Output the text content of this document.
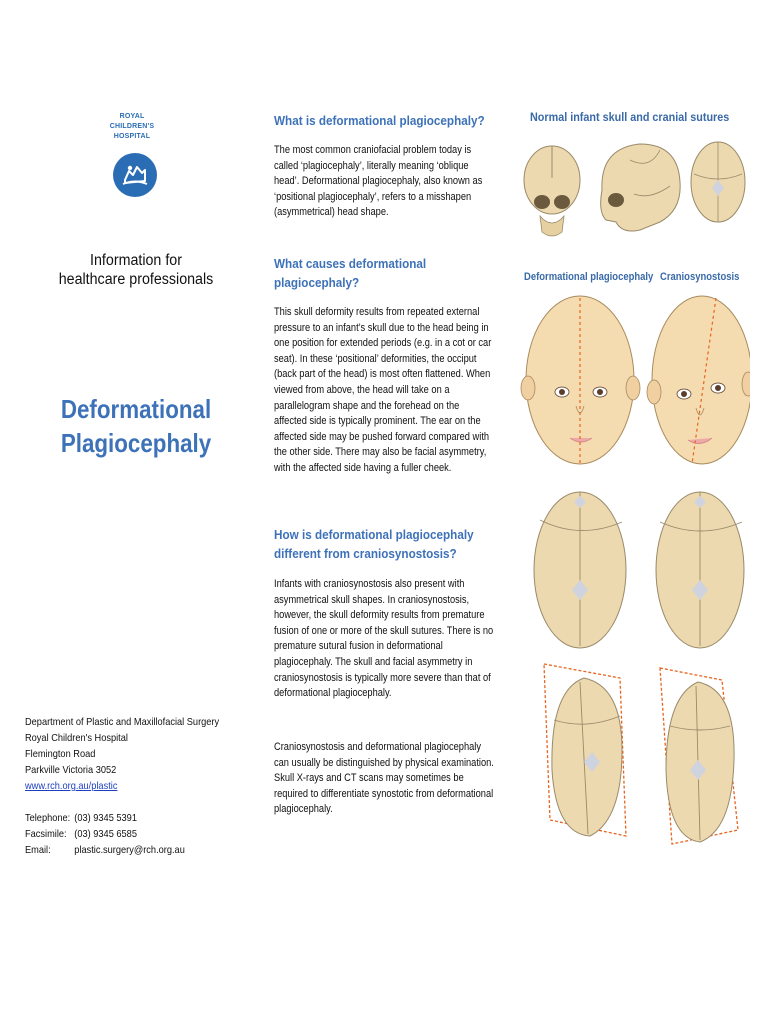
ROYAL
CHILDREN'S
HOSPITAL
Information for
healthcare professionals
Deformational
Plagiocephaly
Department of Plastic and Maxillofacial Surgery
Royal Children's Hospital
Flemington Road
Parkville Victoria 3052
www.rch.org.au/plastic
Telephone: (03) 9345 5391
Facsimile: (03) 9345 6585
Email:	plastic.surgery@rch.org.au
What is deformational plagiocephaly?

The most common craniofacial problem today is called ‘plagiocephaly’, literally meaning ‘oblique head’. Deformational plagiocephaly, also known as ‘positional plagiocephaly’, refers to a misshapen (asymmetrical) head shape.

What causes deformational
plagiocephaly?

This skull deformity results from repeated external pressure to an infant’s skull due to the head being in one position for extended periods (e.g. in a cot or car seat). In these ‘positional’ deformities, the occiput (back part of the head) is most often flattened. When viewed from above, the head will take on a parallelogram shape and the forehead on the affected side is typically prominent. The ear on the affected side may be pushed forward compared with the other side. There may also be facial asymmetry, with the affected side having a fuller cheek.

How is deformational plagiocephaly
different from craniosynostosis?

Infants with craniosynostosis also present with asymmetrical skull shapes. In craniosynostosis, however, the skull deformity results from premature fusion of one or more of the skull sutures. There is no premature sutural fusion in deformational plagiocephaly. The skull and facial asymmetry in craniosynostosis is typically more severe than that of deformational plagiocephaly.

Craniosynostosis and deformational plagiocephaly can usually be distinguished by physical examination. Skull X-rays and CT scans may sometimes be required to differentiate synostotic from deformational plagiocephaly.

Normal infant skull and cranial sutures
Deformational plagiocephaly Craniosynostosis
